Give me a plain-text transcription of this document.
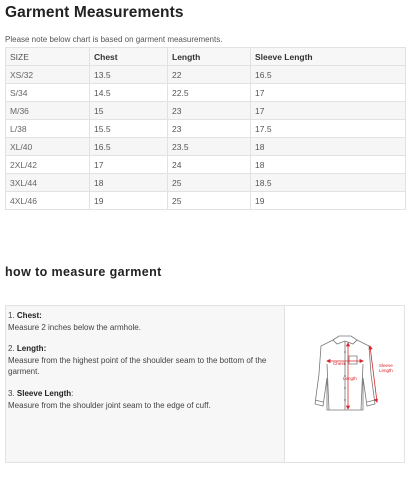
Garment Measurements
Please note below chart is based on garment measurements.
SIZE	Chest	Length	Sleeve Length
XS/32	13.5	22	16.5
S/34	14.5	22.5	17
M/36	15	23	17
L/38	15.5	23	17.5
XL/40	16.5	23.5	18
2XL/42	17	24	18
3XL/44	18	25	18.5
4XL/46	19	25	19
how to measure garment

1. Chest:

Measure 2 inches below the armhole.

2. Length:

Measure from the highest point of the shoulder seam to the bottom of the garment.

3. Sleeve Length:

Measure from the shoulder joint seam to the edge of cuff.

Chest
Length
Sleeve Length
